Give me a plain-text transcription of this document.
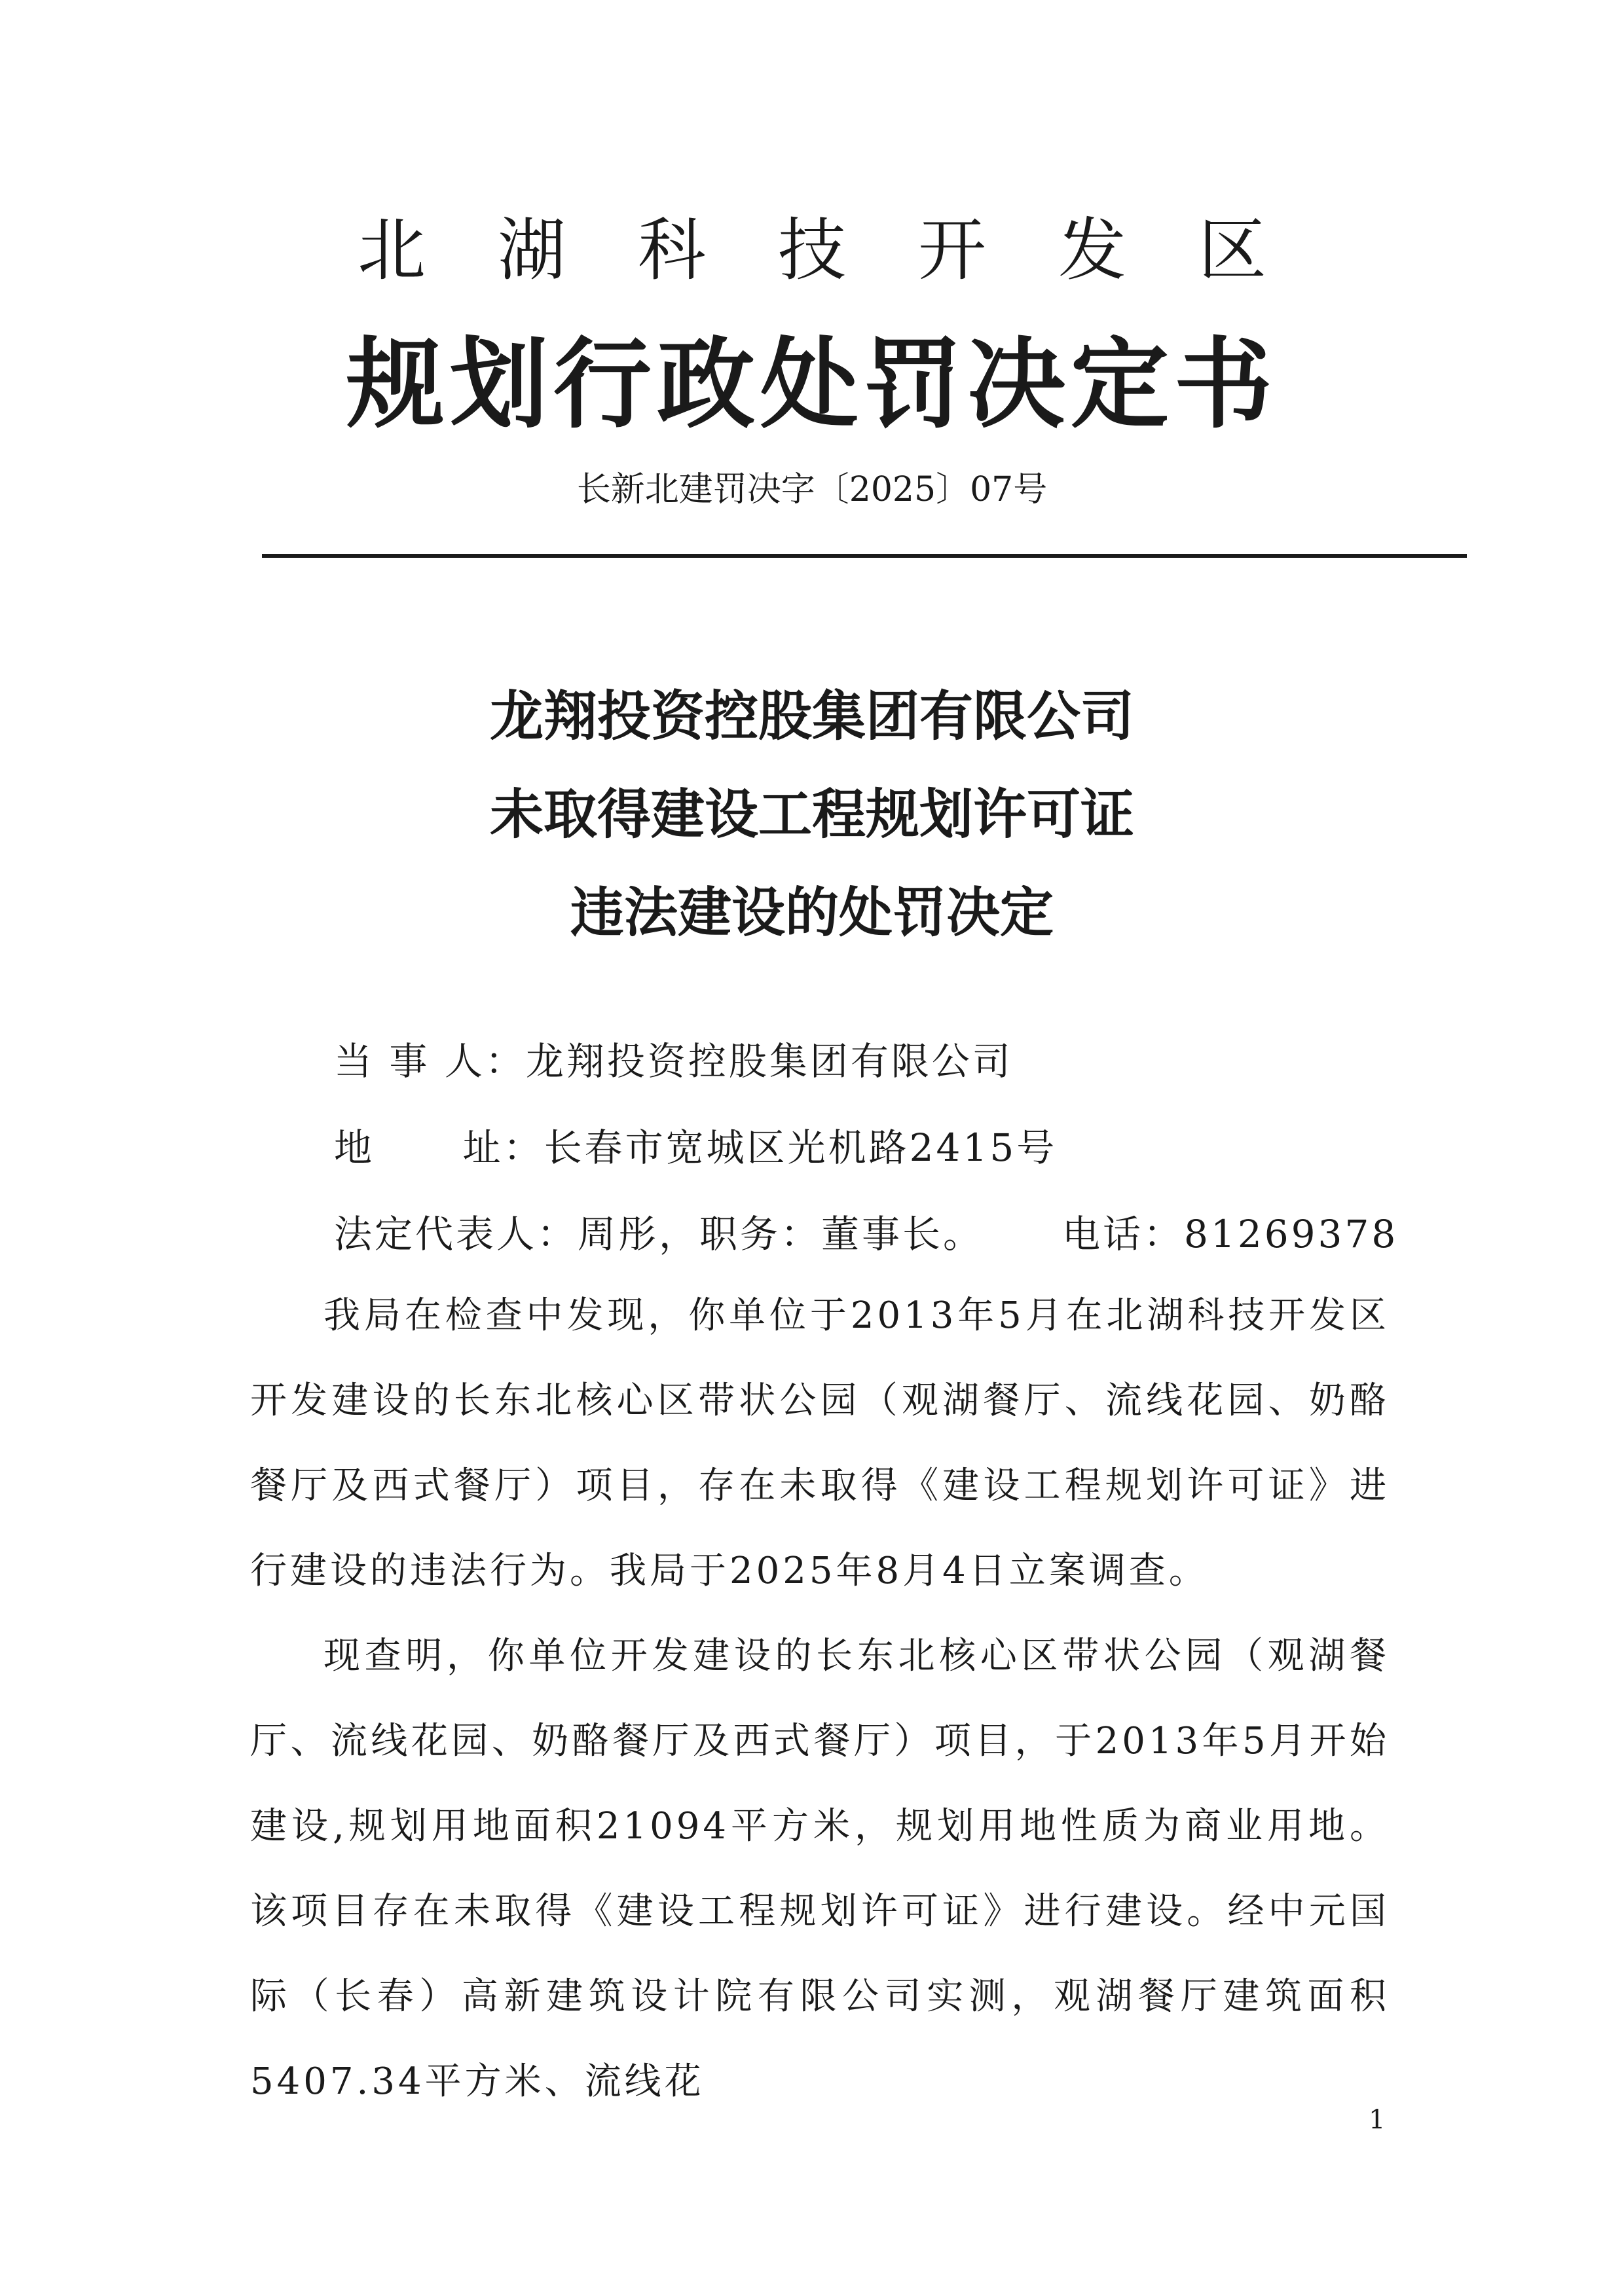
北湖科技开发区
规划行政处罚决定书
长新北建罚决字〔2025〕07号
龙翔投资控股集团有限公司
未取得建设工程规划许可证
违法建设的处罚决定
当 事 人：龙翔投资控股集团有限公司
地      址：长春市宽城区光机路2415号
法定代表人：周彤，职务：董事长。 电话：81269378

我局在检查中发现，你单位于2013年5月在北湖科技开发区开发建设的长东北核心区带状公园（观湖餐厅、流线花园、奶酪餐厅及西式餐厅）项目，存在未取得《建设工程规划许可证》进行建设的违法行为。我局于2025年8月4日立案调查。

现查明，你单位开发建设的长东北核心区带状公园（观湖餐厅、流线花园、奶酪餐厅及西式餐厅）项目，于2013年5月开始建设,规划用地面积21094平方米，规划用地性质为商业用地。该项目存在未取得《建设工程规划许可证》进行建设。经中元国际（长春）高新建筑设计院有限公司实测，观湖餐厅建筑面积5407.34平方米、流线花

1
